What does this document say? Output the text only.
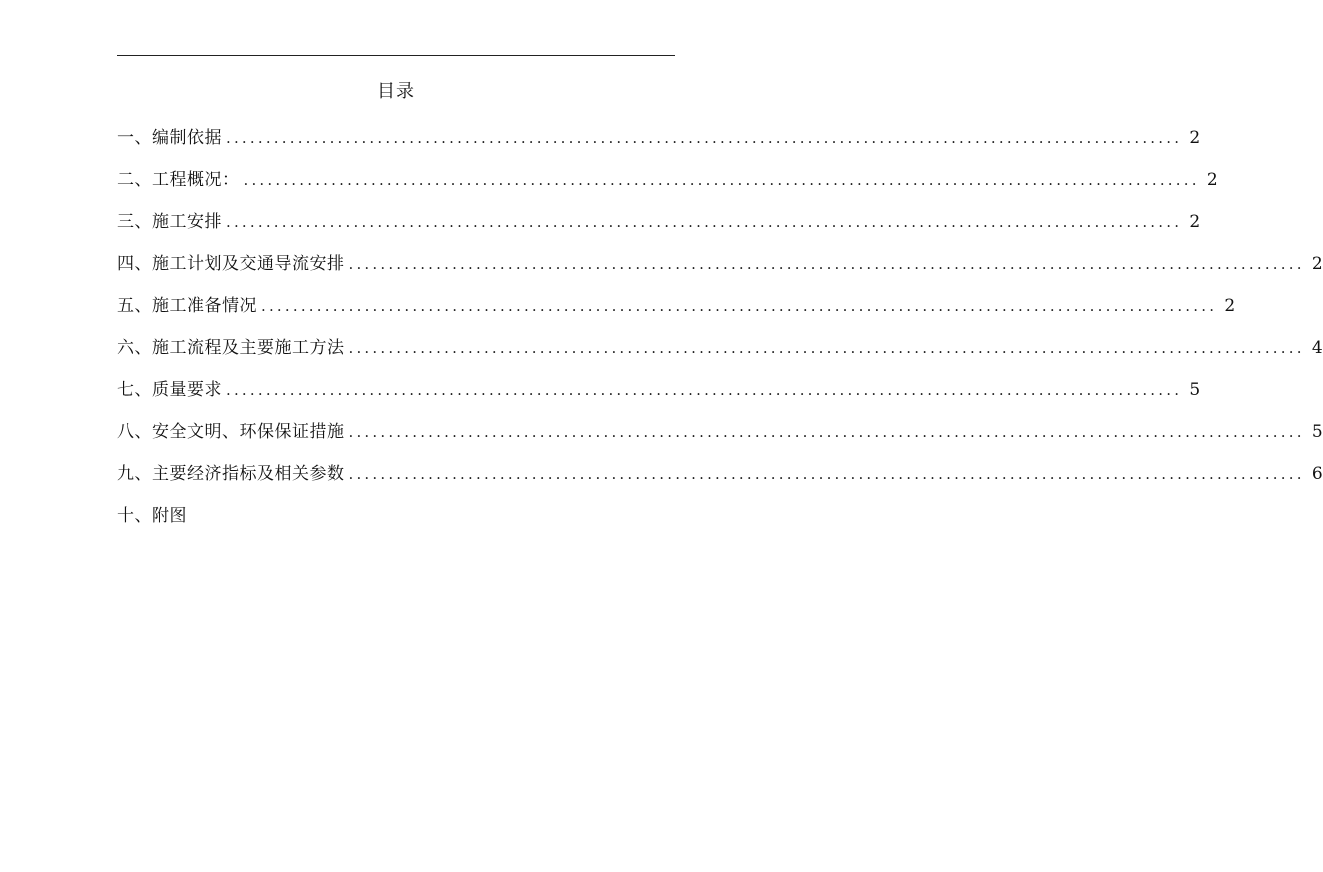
目录
一、编制依据 ........................................................................................................................ 2
二、工程概况： ........................................................................................................................ 2
三、施工安排 ........................................................................................................................ 2
四、施工计划及交通导流安排 ........................................................................................................................ 2
五、施工准备情况 ........................................................................................................................ 2
六、施工流程及主要施工方法 ........................................................................................................................ 4
七、质量要求 ........................................................................................................................ 5
八、安全文明、环保保证措施 ........................................................................................................................ 5
九、主要经济指标及相关参数 ........................................................................................................................ 6
十、附图
